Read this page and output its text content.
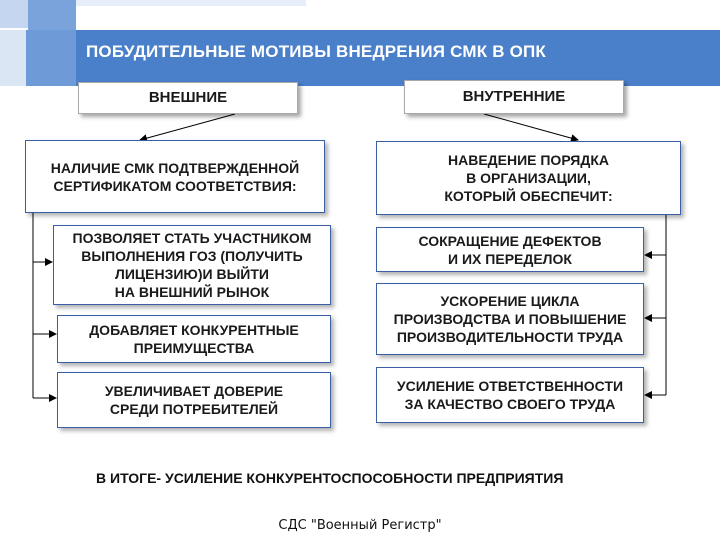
ПОБУДИТЕЛЬНЫЕ МОТИВЫ ВНЕДРЕНИЯ СМК В ОПК
ВНЕШНИЕ	ВНУТРЕННИЕ
НАЛИЧИЕ СМК ПОДТВЕРЖДЕННОЙ
СЕРТИФИКАТОМ СООТВЕТСТВИЯ:
ПОЗВОЛЯЕТ СТАТЬ УЧАСТНИКОМ
ВЫПОЛНЕНИЯ ГОЗ (ПОЛУЧИТЬ
ЛИЦЕНЗИЮ)И ВЫЙТИ
НА ВНЕШНИЙ РЫНОК
ДОБАВЛЯЕТ КОНКУРЕНТНЫЕ
ПРЕИМУЩЕСТВА
УВЕЛИЧИВАЕТ ДОВЕРИЕ
СРЕДИ ПОТРЕБИТЕЛЕЙ
НАВЕДЕНИЕ ПОРЯДКА
В ОРГАНИЗАЦИИ,
КОТОРЫЙ ОБЕСПЕЧИТ:
СОКРАЩЕНИЕ ДЕФЕКТОВ
И ИХ ПЕРЕДЕЛОК
УСКОРЕНИЕ ЦИКЛА
ПРОИЗВОДСТВА И ПОВЫШЕНИЕ
ПРОИЗВОДИТЕЛЬНОСТИ ТРУДА
УСИЛЕНИЕ ОТВЕТСТВЕННОСТИ
ЗА КАЧЕСТВО СВОЕГО ТРУДА
В ИТОГЕ- УСИЛЕНИЕ КОНКУРЕНТОСПОСОБНОСТИ ПРЕДПРИЯТИЯ
СДС "Военный Регистр"
